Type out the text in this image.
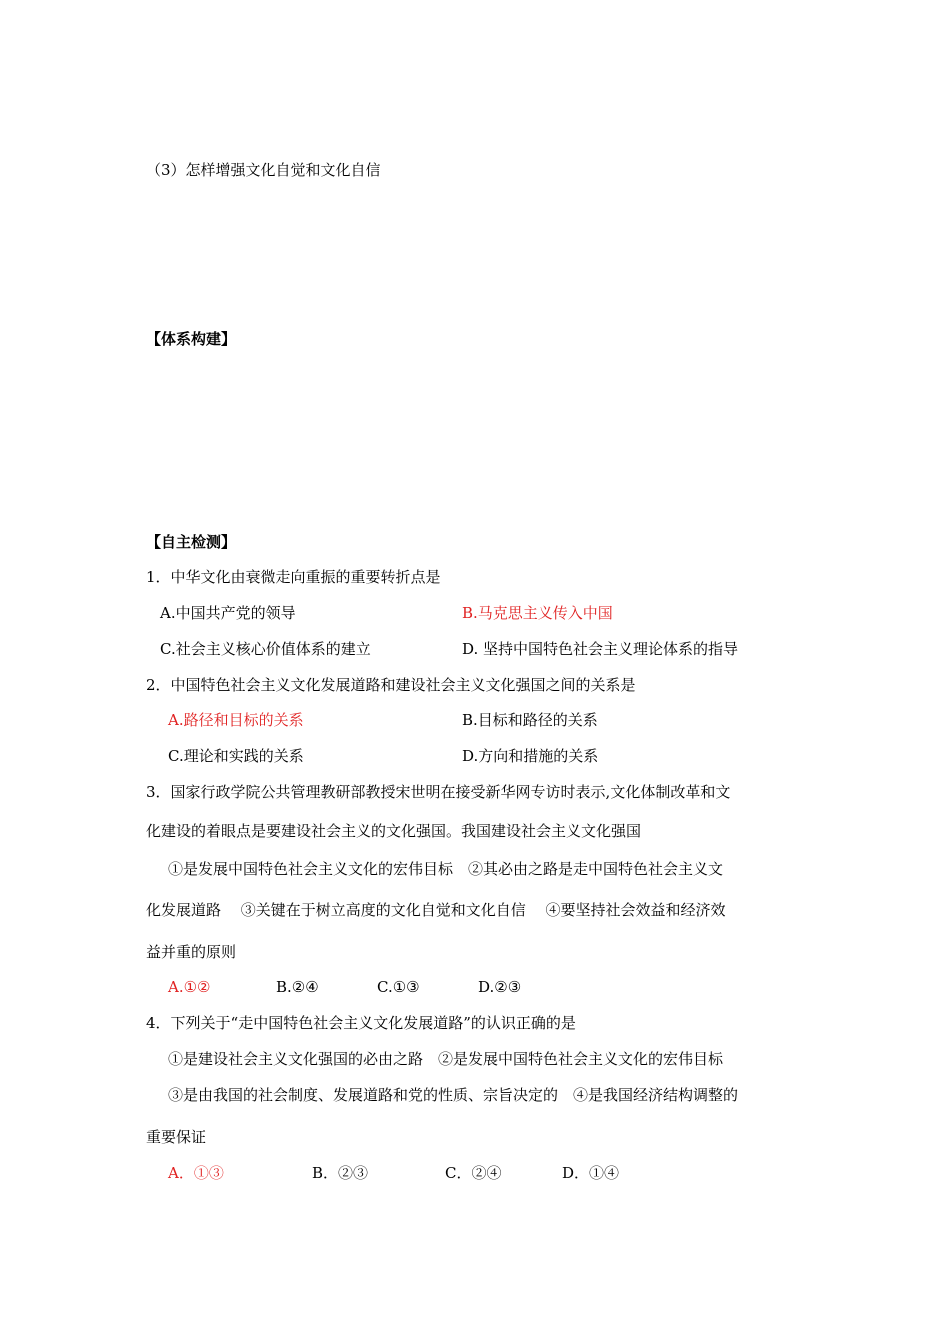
（3）怎样增强文化自觉和文化自信
【体系构建】
【自主检测】
1．中华文化由衰微走向重振的重要转折点是
A.中国共产党的领导	B.马克思主义传入中国
C.社会主义核心价值体系的建立	D. 坚持中国特色社会主义理论体系的指导
2．中国特色社会主义文化发展道路和建设社会主义文化强国之间的关系是
A.路径和目标的关系	B.目标和路径的关系
C.理论和实践的关系	D.方向和措施的关系
3．国家行政学院公共管理教研部教授宋世明在接受新华网专访时表示,文化体制改革和文
化建设的着眼点是要建设社会主义的文化强国。我国建设社会主义文化强国
①是发展中国特色社会主义文化的宏伟目标　②其必由之路是走中国特色社会主义文
化发展道路　 ③关键在于树立高度的文化自觉和文化自信　 ④要坚持社会效益和经济效
益并重的原则
A.①②	B.②④	C.①③	D.②③
4．下列关于“走中国特色社会主义文化发展道路”的认识正确的是
①是建设社会主义文化强国的必由之路　②是发展中国特色社会主义文化的宏伟目标
③是由我国的社会制度、发展道路和党的性质、宗旨决定的　④是我国经济结构调整的
重要保证
A．①③	B．②③	C．②④	D．①④
